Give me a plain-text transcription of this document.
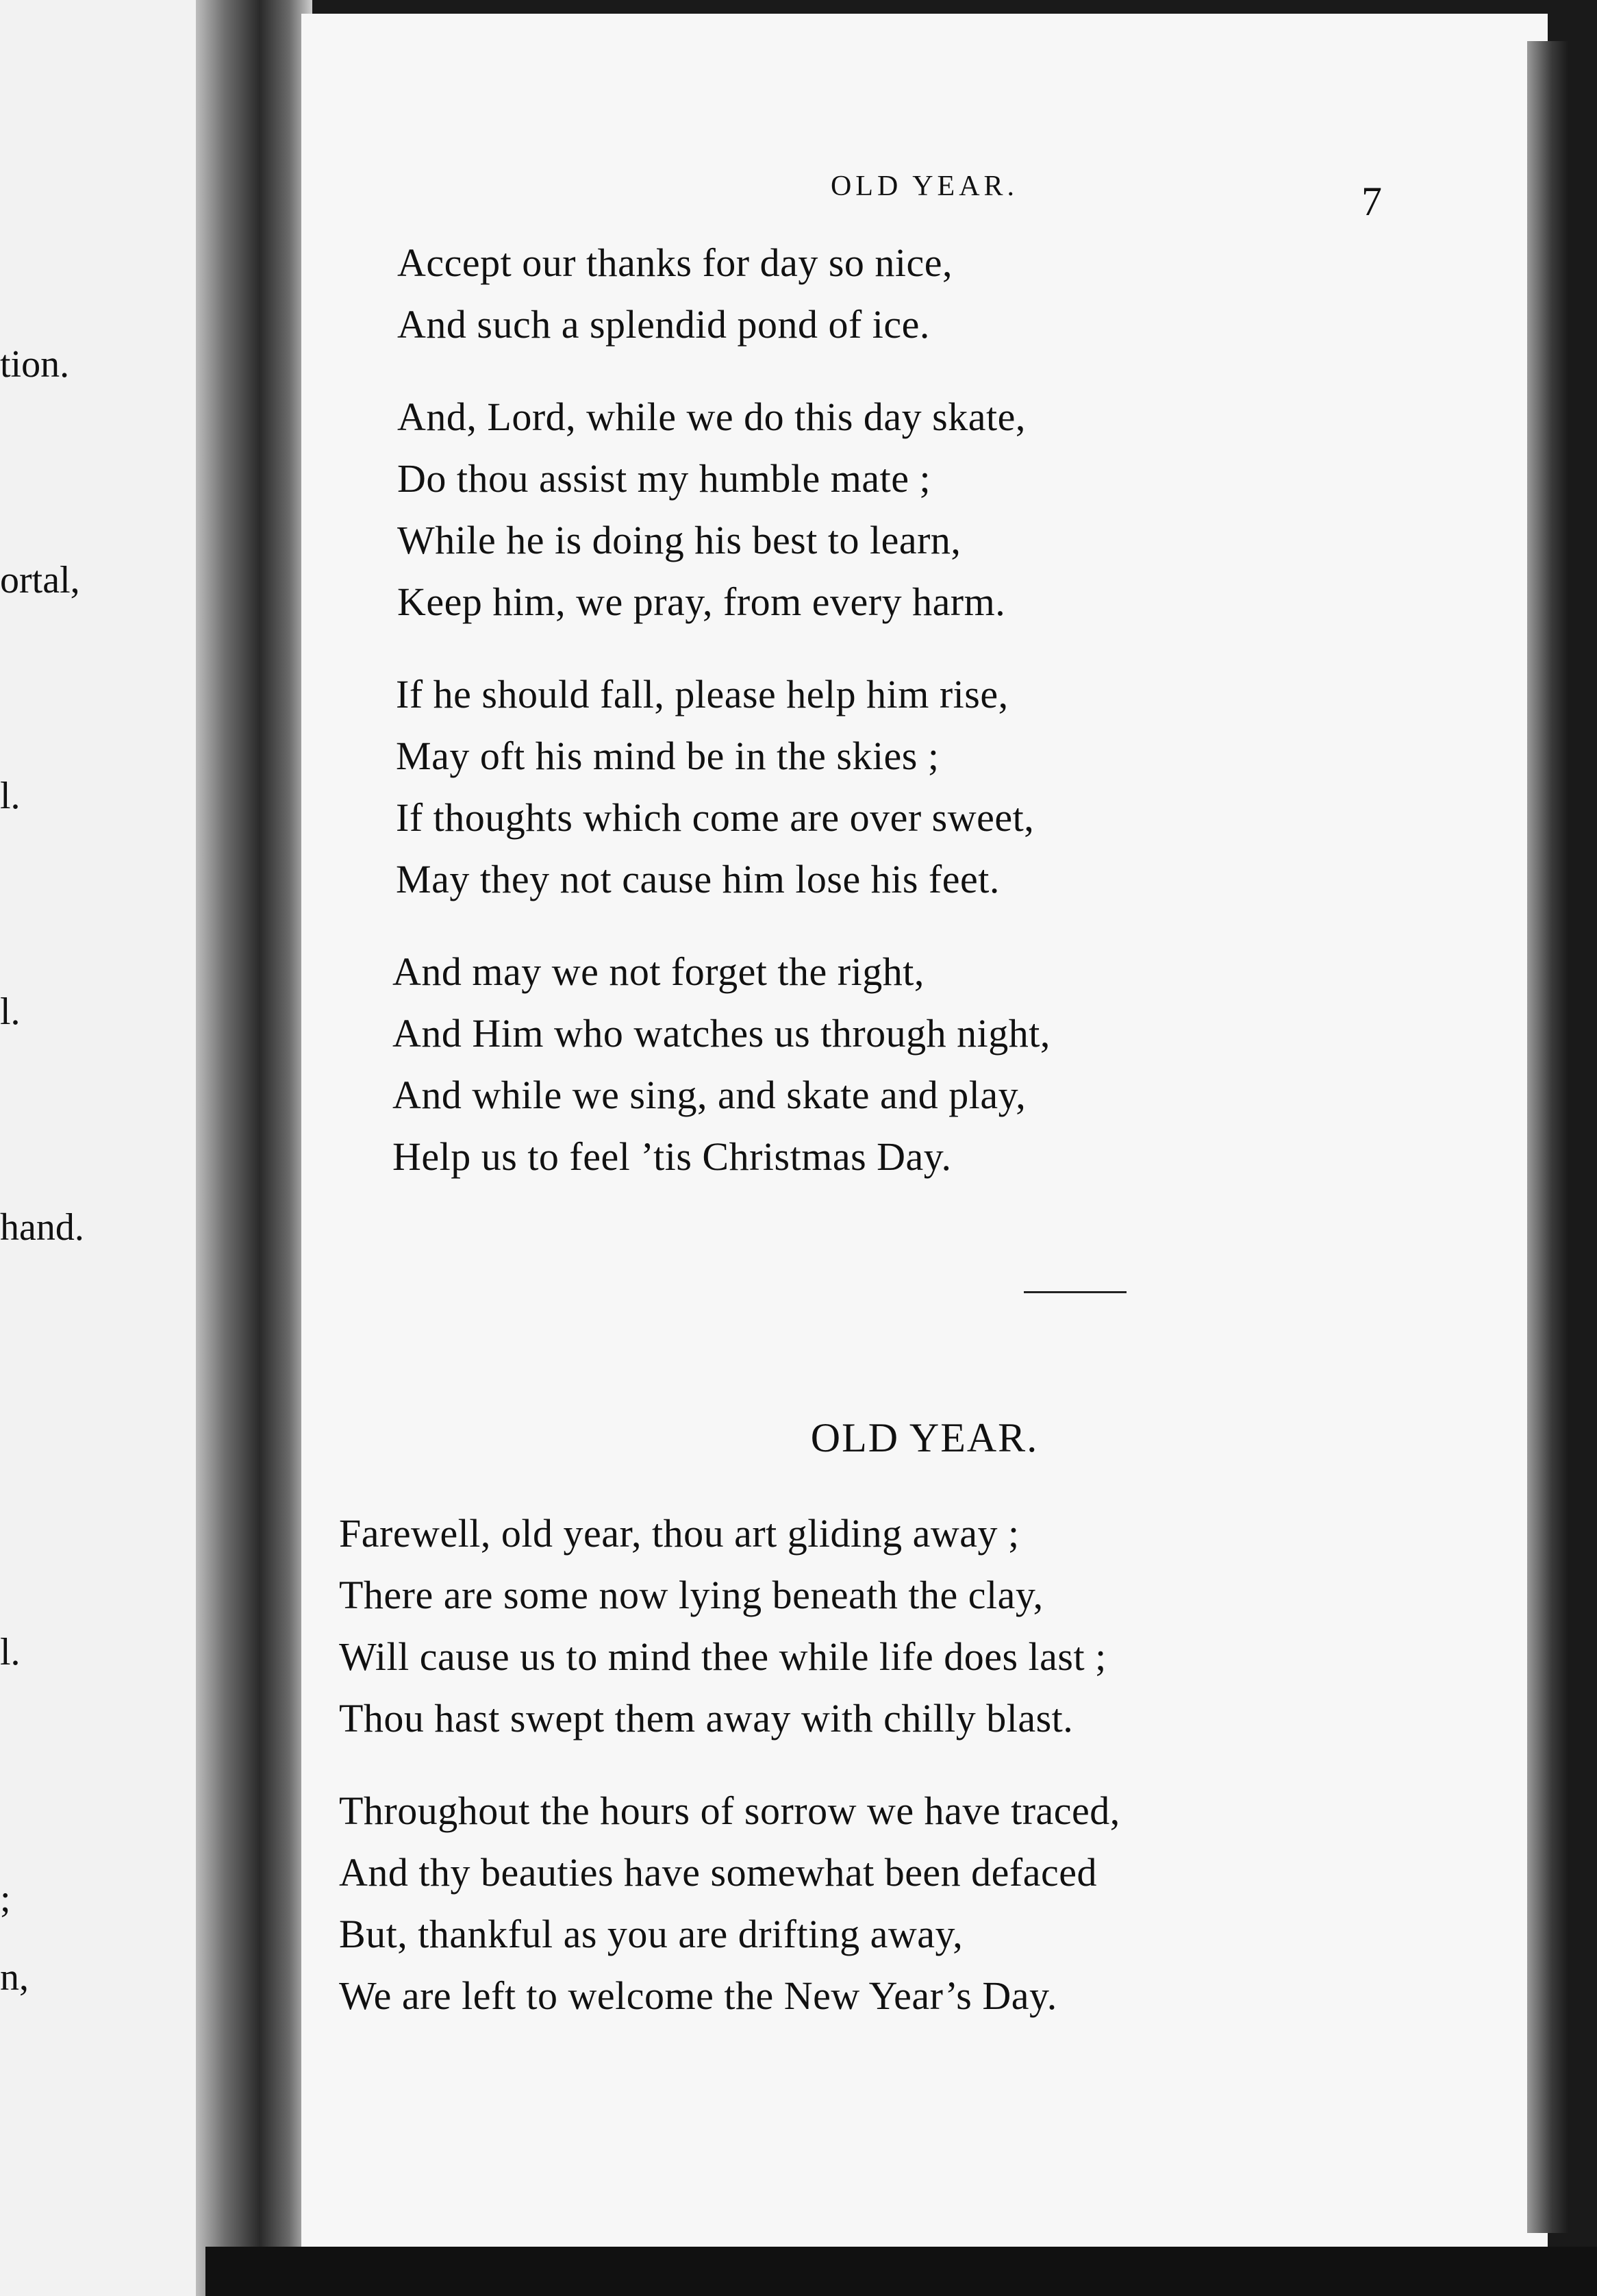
tion.
ortal,
l.
l.
hand.
l.
;
n,
OLD YEAR.	7
Accept our thanks for day so nice,
And such a splendid pond of ice.
And, Lord, while we do this day skate,
Do thou assist my humble mate ;
While he is doing his best to learn,
Keep him, we pray, from every harm.
If he should fall, please help him rise,
May oft his mind be in the skies ;
If thoughts which come are over sweet,
May they not cause him lose his feet.
And may we not forget the right,
And Him who watches us through night,
And while we sing, and skate and play,
Help us to feel ’tis Christmas Day.
OLD YEAR.
Farewell, old year, thou art gliding away ;
There are some now lying beneath the clay,
Will cause us to mind thee while life does last ;
Thou hast swept them away with chilly blast.
Throughout the hours of sorrow we have traced,
And thy beauties have somewhat been defaced
But, thankful as you are drifting away,
We are left to welcome the New Year’s Day.
